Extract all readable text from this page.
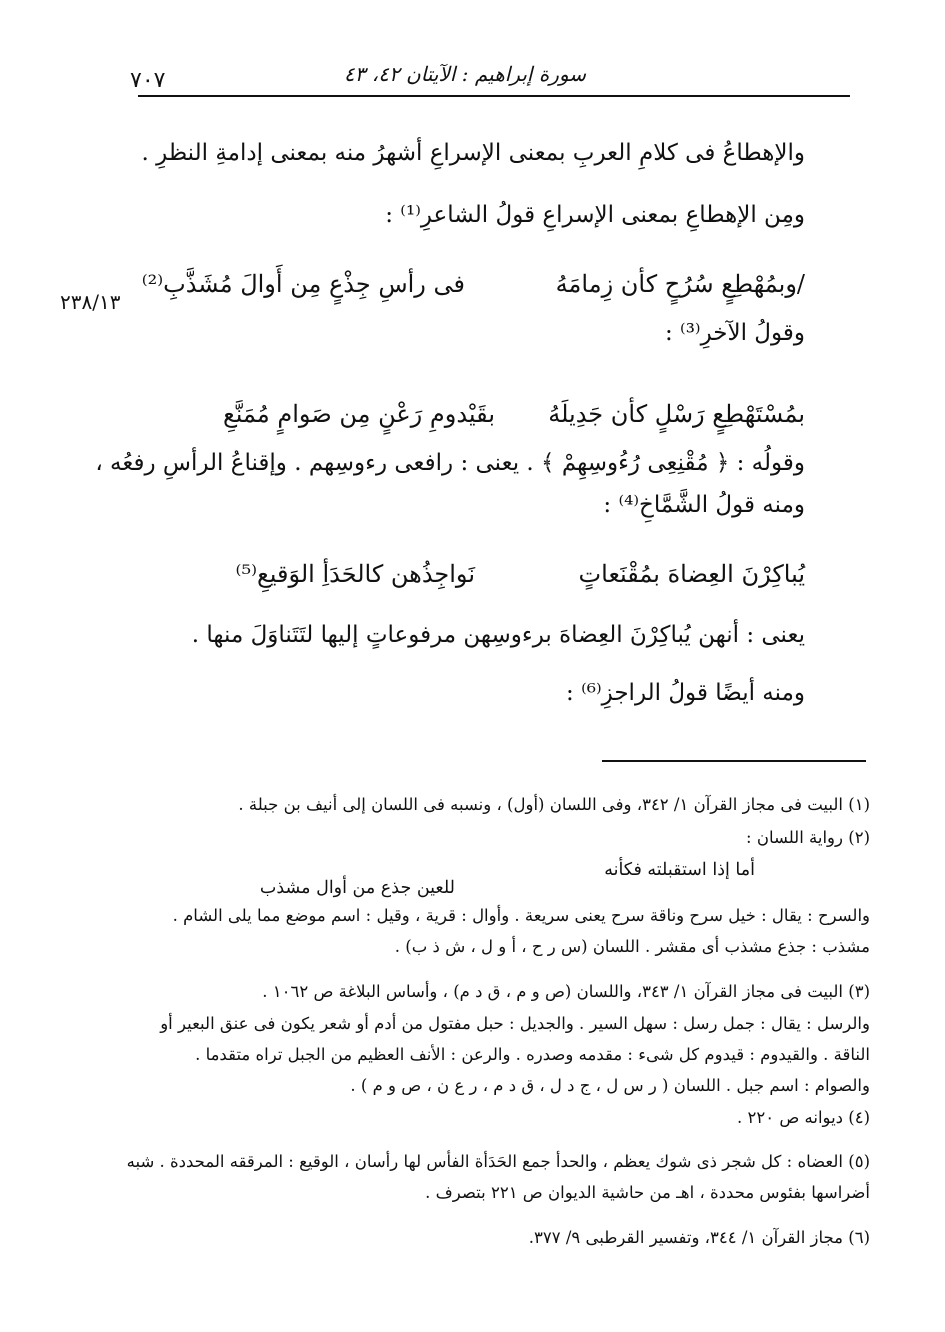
٧٠٧	سورة إبراهيم : الآيتان ٤٢، ٤٣
٢٣٨/١٣
والإهطاعُ فى كلامِ العربِ بمعنى الإسراعِ أشهرُ منه بمعنى إدامةِ النظرِ .
ومِن الإهطاعِ بمعنى الإسراعِ قولُ الشاعرِ⁽¹⁾ :
/وبمُهْطِعٍ سُرُحٍ كأن زِمامَهُ
فى رأسِ جِذْعٍ مِن أَوالَ مُشَذَّبِ⁽²⁾
وقولُ الآخرِ⁽³⁾ :
بمُسْتَهْطِعٍ رَسْلٍ كأن جَدِيلَهُ
بقَيْدومِ رَعْنٍ مِن صَوامٍ مُمَنَّعِ
وقولُه : ﴿ مُقْنِعِى رُءُوسِهِمْ ﴾ . يعنى : رافعى رءوسِهم . وإقناعُ الرأسِ رفعُه ،
ومنه قولُ الشَّمَّاخِ⁽⁴⁾ :
يُباكِرْنَ العِضاهَ بمُقْنَعاتٍ
نَواجِذُهن كالحَدَأِ الوَقيعِ⁽⁵⁾
يعنى : أنهن يُباكِرْنَ العِضاهَ برءوسِهن مرفوعاتٍ إليها لتَتَناوَلَ منها .
ومنه أيضًا قولُ الراجزِ⁽⁶⁾ :
(١) البيت فى مجاز القرآن ١/ ٣٤٢، وفى اللسان (أول) ، ونسبه فى اللسان إلى أنيف بن جبلة .
(٢) رواية اللسان :
أما إذا استقبلته فكأنه
للعين جذع من أوال مشذب
والسرح : يقال : خيل سرح وناقة سرح يعنى سريعة . وأوال : قرية ، وقيل : اسم موضع مما يلى الشام .
مشذب : جذع مشذب أى مقشر . اللسان (س ر ح ، أ و ل ، ش ذ ب) .
(٣) البيت فى مجاز القرآن ١/ ٣٤٣، واللسان (ص و م ، ق د م) ، وأساس البلاغة ص ١٠٦٢ .
والرسل : يقال : جمل رسل : سهل السير . والجديل : حبل مفتول من أدم أو شعر يكون فى عنق البعير أو
الناقة . والقيدوم : قيدوم كل شىء : مقدمه وصدره . والرعن : الأنف العظيم من الجبل تراه متقدما .
والصوام : اسم جبل . اللسان ( ر س ل ، ج د ل ، ق د م ، ر ع ن ، ص و م ) .
(٤) ديوانه ص ٢٢٠ .
(٥) العضاه : كل شجر ذى شوك يعظم ، والحدأ جمع الحَدَأة الفأس لها رأسان ، الوقيع : المرققه المحددة . شبه
أضراسها بفئوس محددة ، اهـ من حاشية الديوان ص ٢٢١ بتصرف .
(٦) مجاز القرآن ١/ ٣٤٤، وتفسير القرطبى ٩/ ٣٧٧.
